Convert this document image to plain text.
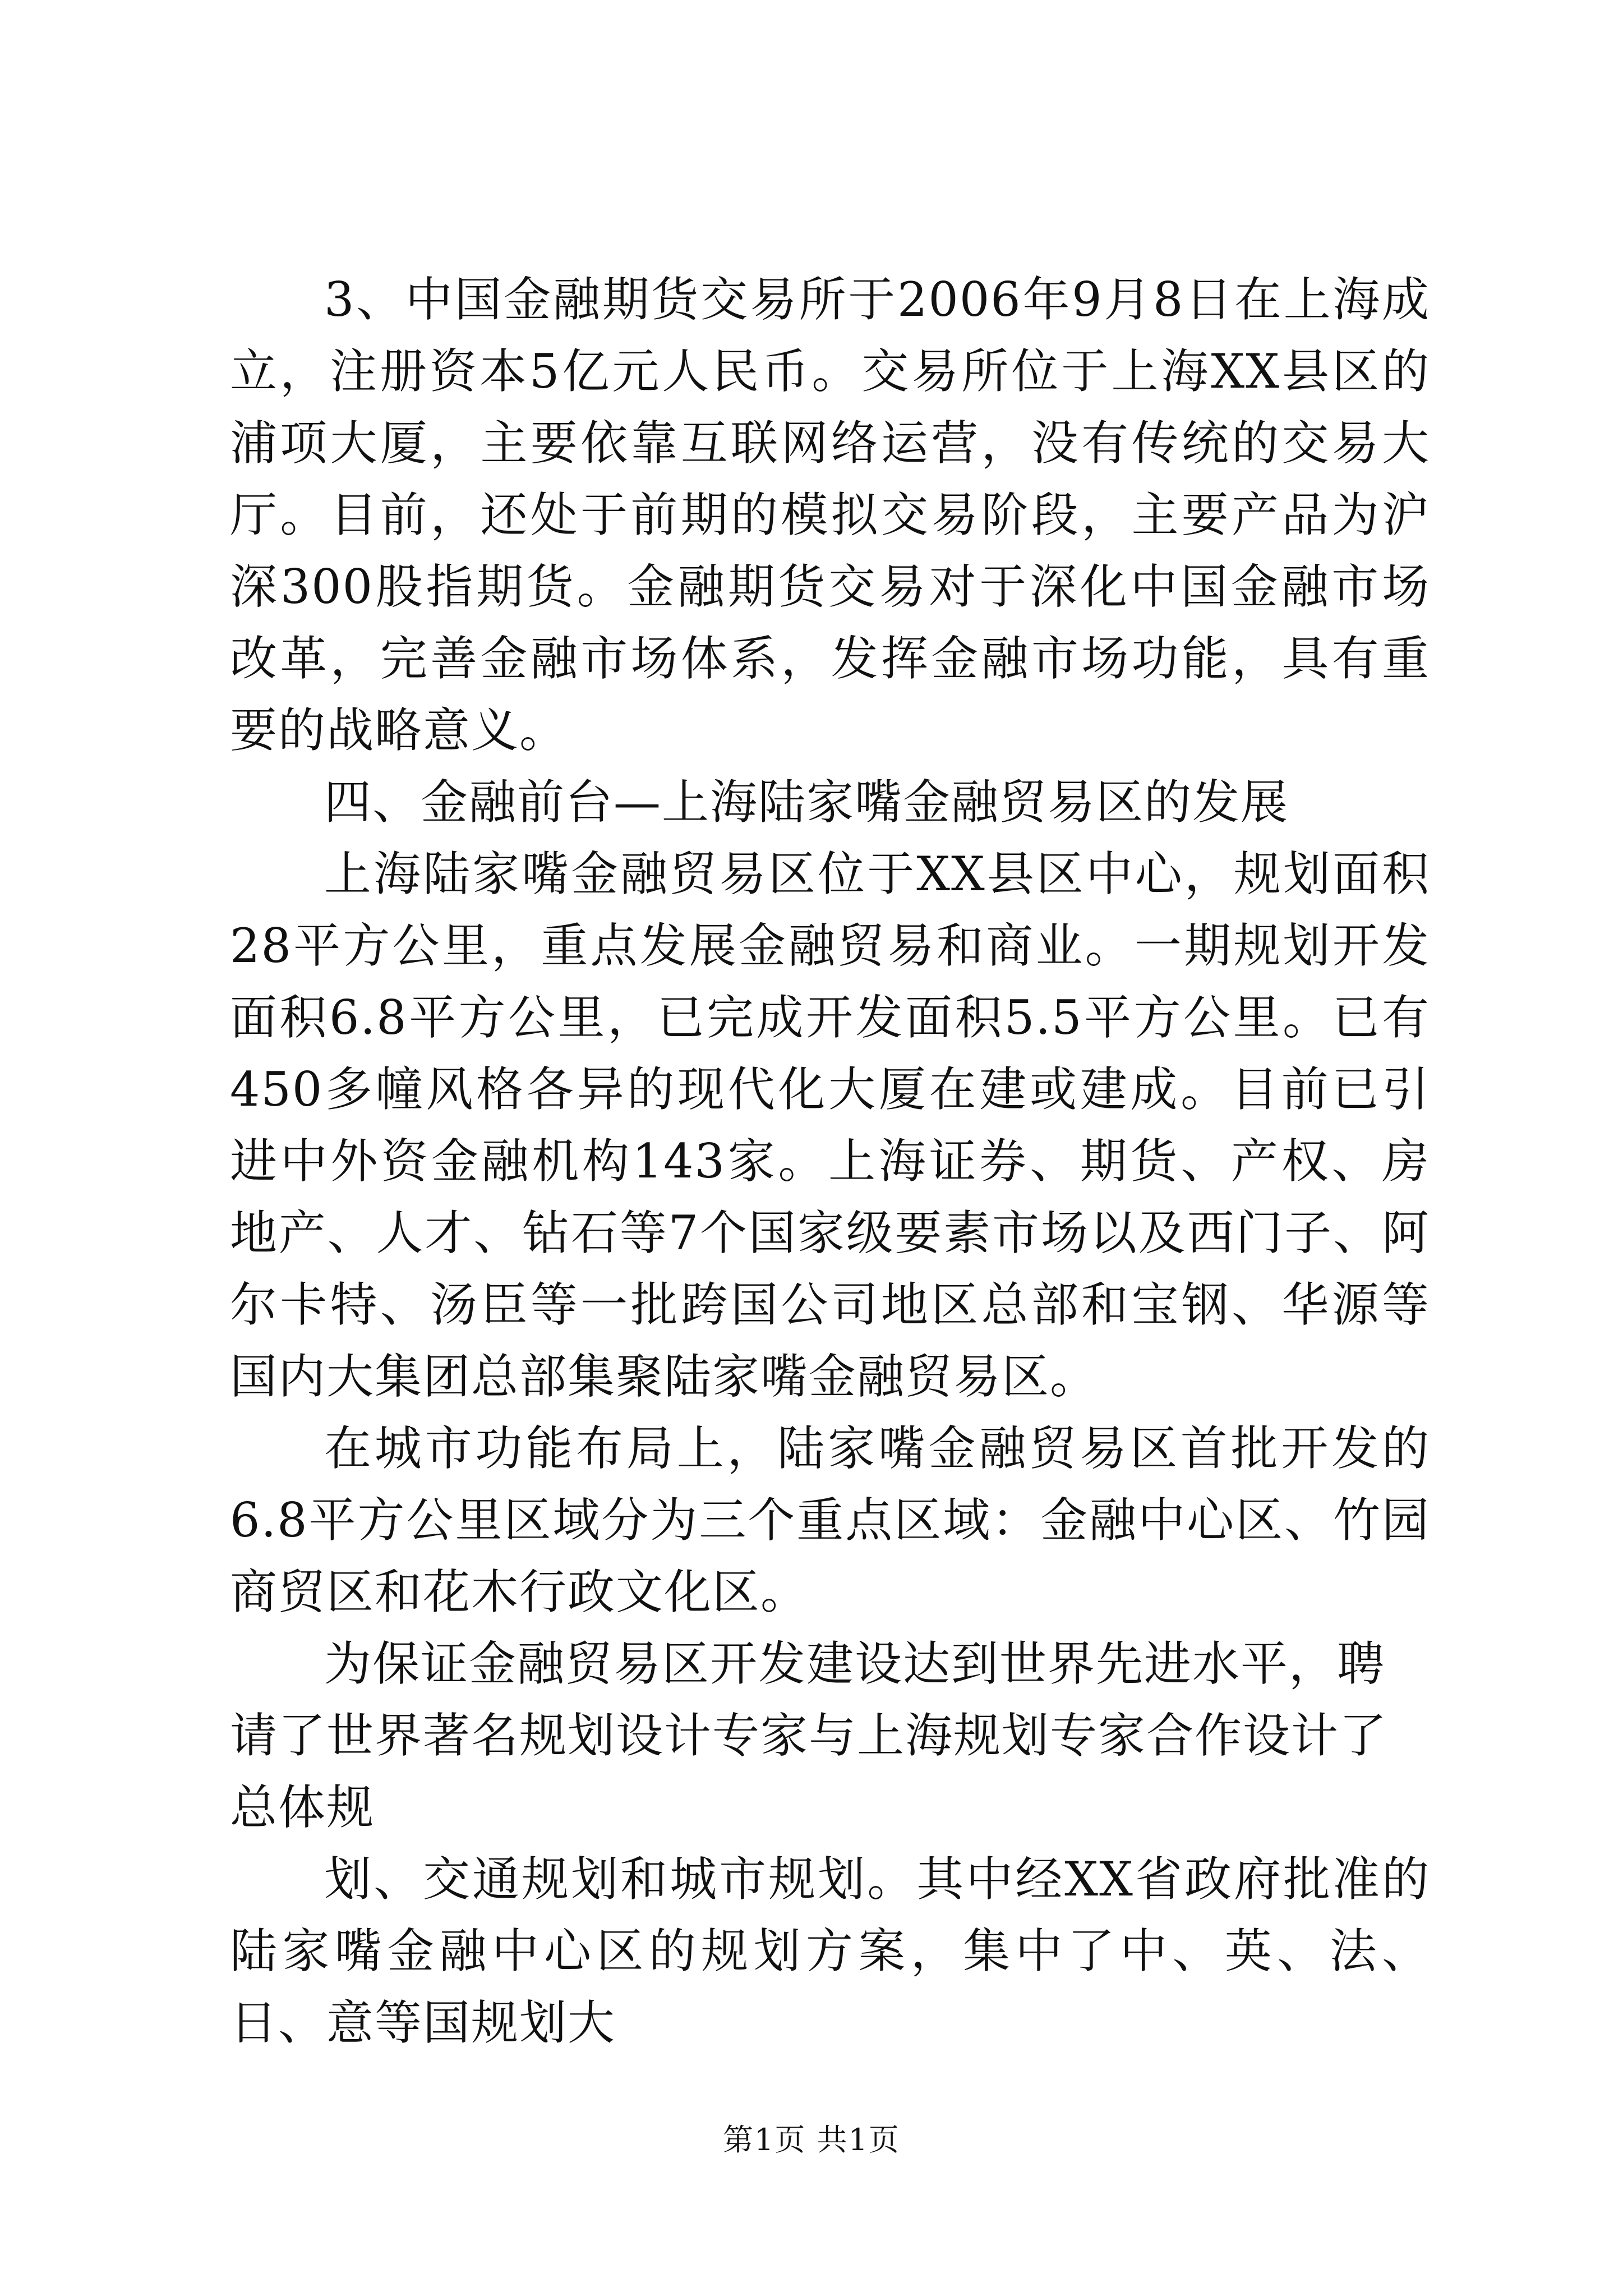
3、中国金融期货交易所于2006年9月8日在上海成立，注册资本5亿元人民币。交易所位于上海XX县区的浦项大厦，主要依靠互联网络运营，没有传统的交易大厅。目前，还处于前期的模拟交易阶段，主要产品为沪深300股指期货。金融期货交易对于深化中国金融市场改革，完善金融市场体系，发挥金融市场功能，具有重要的战略意义。

四、金融前台—上海陆家嘴金融贸易区的发展

上海陆家嘴金融贸易区位于XX县区中心，规划面积28平方公里，重点发展金融贸易和商业。一期规划开发面积6.8平方公里，已完成开发面积5.5平方公里。已有450多幢风格各异的现代化大厦在建或建成。目前已引进中外资金融机构143家。上海证券、期货、产权、房地产、人才、钻石等7个国家级要素市场以及西门子、阿尔卡特、汤臣等一批跨国公司地区总部和宝钢、华源等国内大集团总部集聚陆家嘴金融贸易区。

在城市功能布局上，陆家嘴金融贸易区首批开发的6.8平方公里区域分为三个重点区域：金融中心区、竹园商贸区和花木行政文化区。

为保证金融贸易区开发建设达到世界先进水平，聘请了世界著名规划设计专家与上海规划专家合作设计了总体规

划、交通规划和城市规划。其中经XX省政府批准的陆家嘴金融中心区的规划方案，集中了中、英、法、日、意等国规划大

第1页 共1页
